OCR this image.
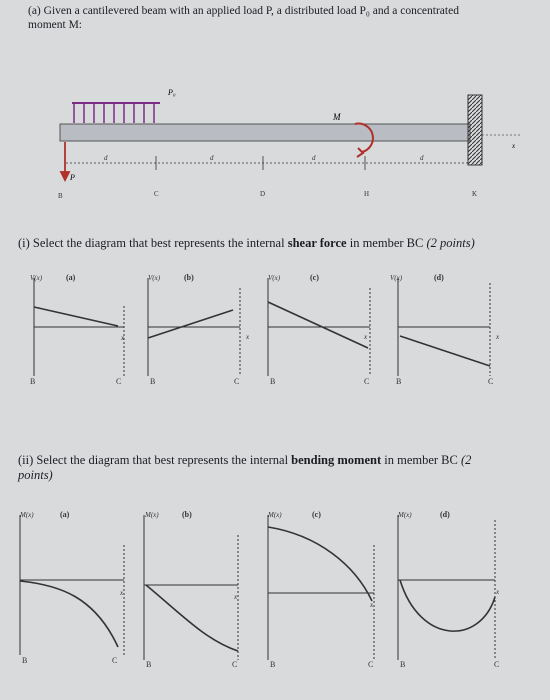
(a) Given a cantilevered beam with an applied load P, a distributed load P₀ and a concentrated
moment M:

P₀
M
P
d	d	d	d
x
B	C	D	H	K

(i) Select the diagram that best represents the internal shear force in member BC (2 points)

V(x)	V(x)	V(x)	V(x)
x	x	x	x
(a)	(b)	(c)	(d)
B	C	B	C	B	C	B	C

(ii) Select the diagram that best represents the internal bending moment in member BC (2
points)

M(x)	M(x)	M(x)	M(x)
x	x
x
x
(a)	(b)	(c)	(d)
B	C	B	C	B	C	B	C
